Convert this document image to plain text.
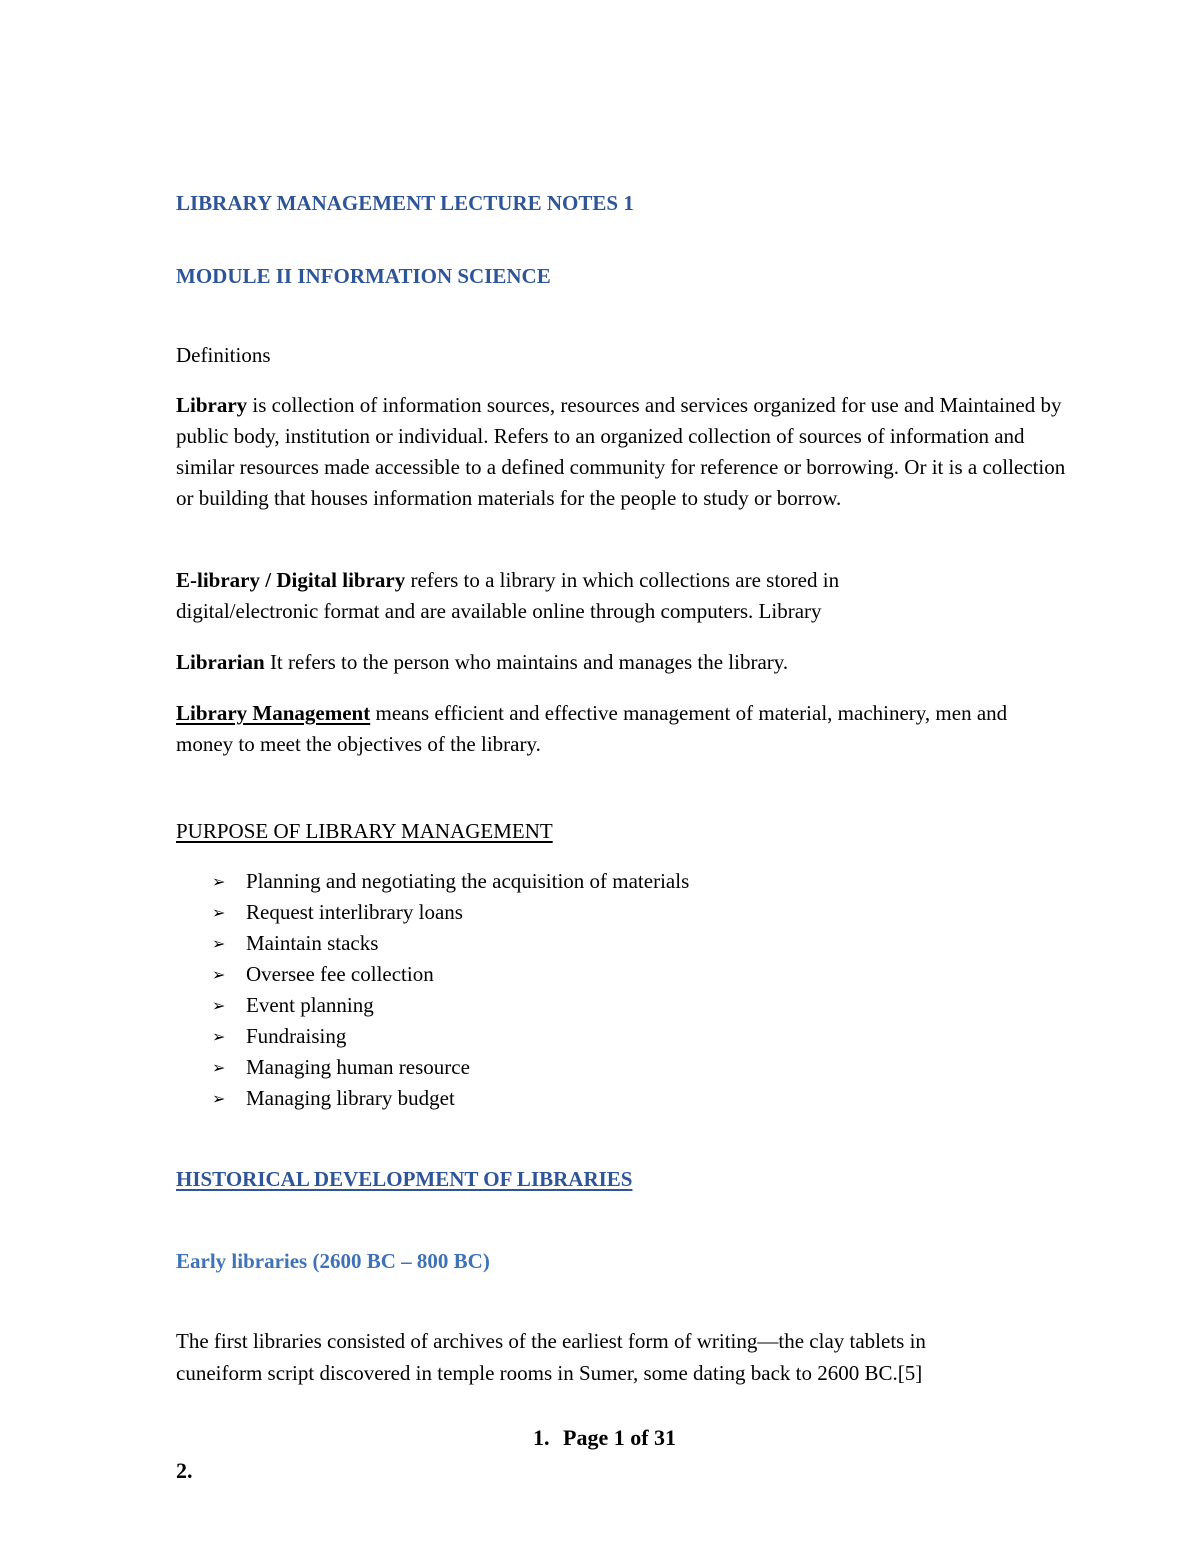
LIBRARY MANAGEMENT LECTURE NOTES 1
MODULE II INFORMATION SCIENCE

Definitions

Library is collection of information sources, resources and services organized for use and Maintained by public body, institution or individual. Refers to an organized collection of sources of information and similar resources made accessible to a defined community for reference or borrowing. Or it is a collection or building that houses information materials for the people to study or borrow.

E-library / Digital library refers to a library in which collections are stored in digital/electronic format and are available online through computers. Library

Librarian It refers to the person who maintains and manages the library.

Library Management means efficient and effective management of material, machinery, men and money to meet the objectives of the library.

PURPOSE OF LIBRARY MANAGEMENT
➢ Planning and negotiating the acquisition of materials
➢ Request interlibrary loans
➢ Maintain stacks
➢ Oversee fee collection
➢ Event planning
➢ Fundraising
➢ Managing human resource
➢ Managing library budget
HISTORICAL DEVELOPMENT OF LIBRARIES
Early libraries (2600 BC – 800 BC)

The first libraries consisted of archives of the earliest form of writing—the clay tablets in

cuneiform script discovered in temple rooms in Sumer, some dating back to 2600 BC.[5]

1. Page 1 of 31
2.
